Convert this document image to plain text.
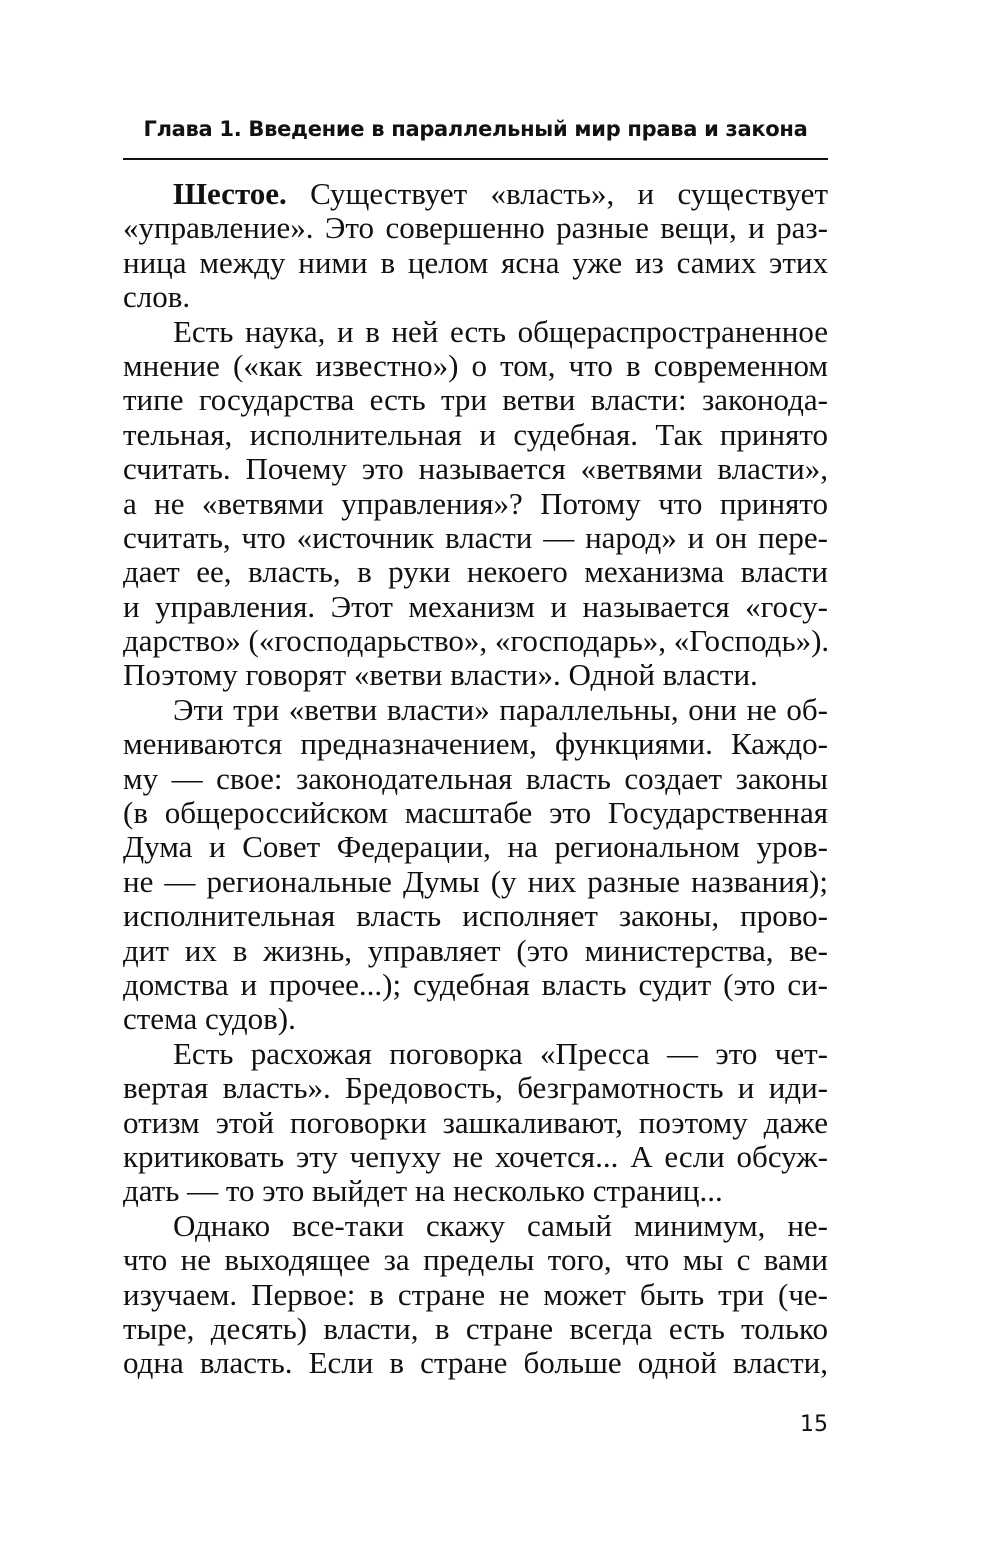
Глава 1. Введение в параллельный мир права и закона
Шестое. Существует «власть», и существует
«управление». Это совершенно разные вещи, и раз-
ница между ними в целом ясна уже из самих этих
слов.
Есть наука, и в ней есть общераспространенное
мнение («как известно») о том, что в современном
типе государства есть три ветви власти: законода-
тельная, исполнительная и судебная. Так принято
считать. Почему это называется «ветвями власти»,
а не «ветвями управления»? Потому что принято
считать, что «источник власти — народ» и он пере-
дает ее, власть, в руки некоего механизма власти
и управления. Этот механизм и называется «госу-
дарство» («господарьство», «господарь», «Господь»).
Поэтому говорят «ветви власти». Одной власти.
Эти три «ветви власти» параллельны, они не об-
мениваются предназначением, функциями. Каждо-
му — свое: законодательная власть создает законы
(в общероссийском масштабе это Государственная
Дума и Совет Федерации, на региональном уров-
не — региональные Думы (у них разные названия);
исполнительная власть исполняет законы, прово-
дит их в жизнь, управляет (это министерства, ве-
домства и прочее...); судебная власть судит (это си-
стема судов).
Есть расхожая поговорка «Пресса — это чет-
вертая власть». Бредовость, безграмотность и иди-
отизм этой поговорки зашкаливают, поэтому даже
критиковать эту чепуху не хочется... А если обсуж-
дать — то это выйдет на несколько страниц...
Однако все-таки скажу самый минимум, не-
что не выходящее за пределы того, что мы с вами
изучаем. Первое: в стране не может быть три (че-
тыре, десять) власти, в стране всегда есть только
одна власть. Если в стране больше одной власти,
15
